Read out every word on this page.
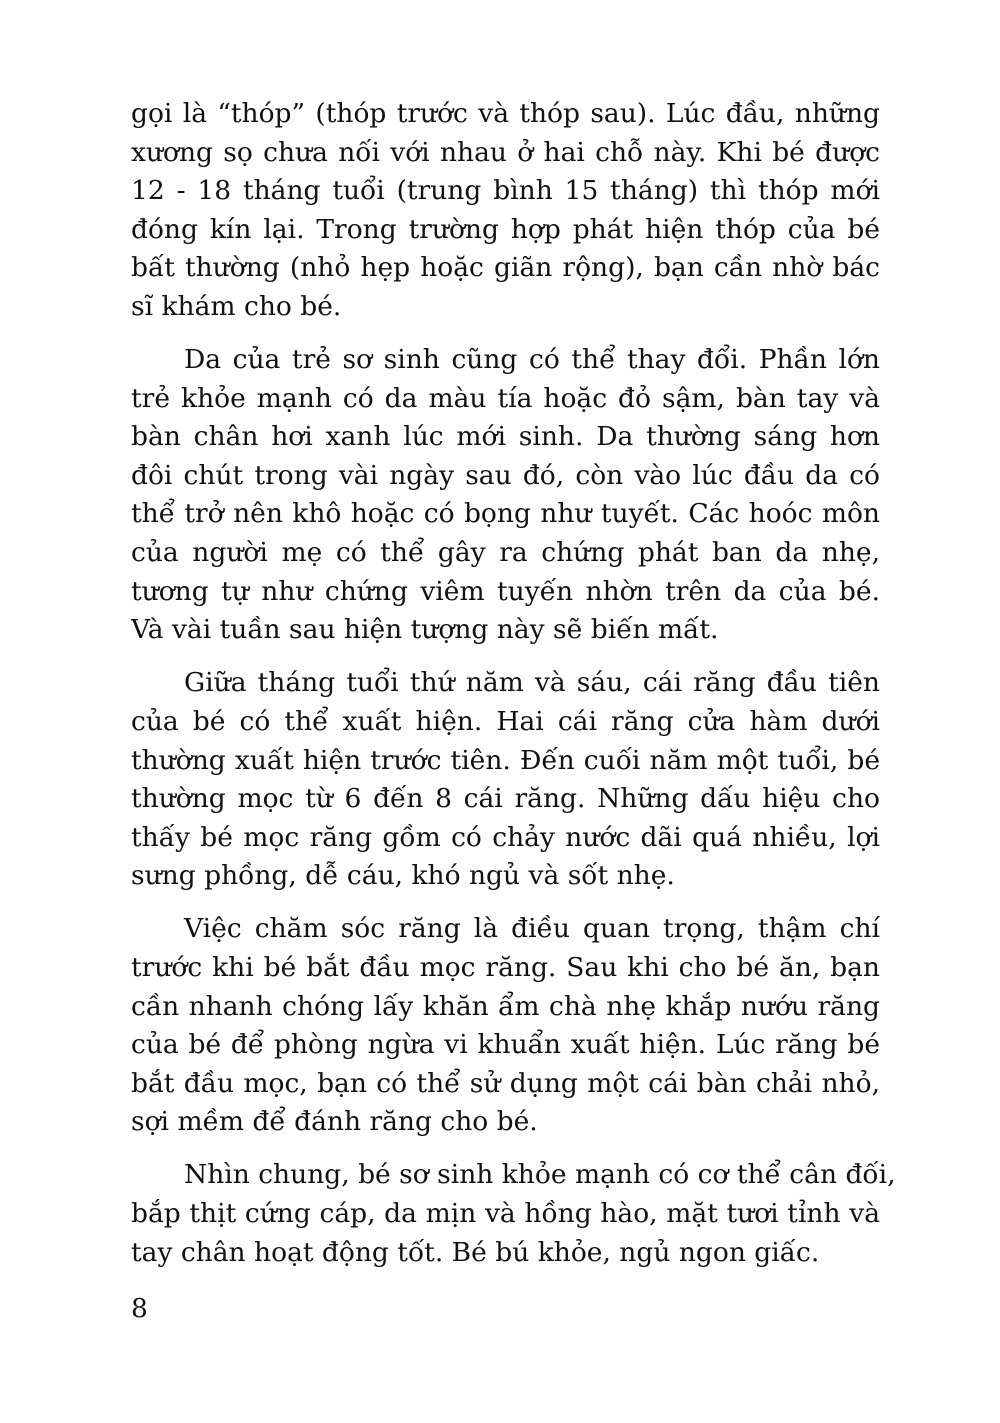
gọi là “thóp” (thóp trước và thóp sau). Lúc đầu, những
xương sọ chưa nối với nhau ở hai chỗ này. Khi bé được
12 - 18 tháng tuổi (trung bình 15 tháng) thì thóp mới
đóng kín lại. Trong trường hợp phát hiện thóp của bé
bất thường (nhỏ hẹp hoặc giãn rộng), bạn cần nhờ bác
sĩ khám cho bé.

Da của trẻ sơ sinh cũng có thể thay đổi. Phần lớn
trẻ khỏe mạnh có da màu tía hoặc đỏ sậm, bàn tay và
bàn chân hơi xanh lúc mới sinh. Da thường sáng hơn
đôi chút trong vài ngày sau đó, còn vào lúc đầu da có
thể trở nên khô hoặc có bọng như tuyết. Các hoóc môn
của người mẹ có thể gây ra chứng phát ban da nhẹ,
tương tự như chứng viêm tuyến nhờn trên da của bé.
Và vài tuần sau hiện tượng này sẽ biến mất.

Giữa tháng tuổi thứ năm và sáu, cái răng đầu tiên
của bé có thể xuất hiện. Hai cái răng cửa hàm dưới
thường xuất hiện trước tiên. Đến cuối năm một tuổi, bé
thường mọc từ 6 đến 8 cái răng. Những dấu hiệu cho
thấy bé mọc răng gồm có chảy nước dãi quá nhiều, lợi
sưng phồng, dễ cáu, khó ngủ và sốt nhẹ.

Việc chăm sóc răng là điều quan trọng, thậm chí
trước khi bé bắt đầu mọc răng. Sau khi cho bé ăn, bạn
cần nhanh chóng lấy khăn ẩm chà nhẹ khắp nướu răng
của bé để phòng ngừa vi khuẩn xuất hiện. Lúc răng bé
bắt đầu mọc, bạn có thể sử dụng một cái bàn chải nhỏ,
sợi mềm để đánh răng cho bé.

Nhìn chung, bé sơ sinh khỏe mạnh có cơ thể cân đối,
bắp thịt cứng cáp, da mịn và hồng hào, mặt tươi tỉnh và
tay chân hoạt động tốt. Bé bú khỏe, ngủ ngon giấc.

8
